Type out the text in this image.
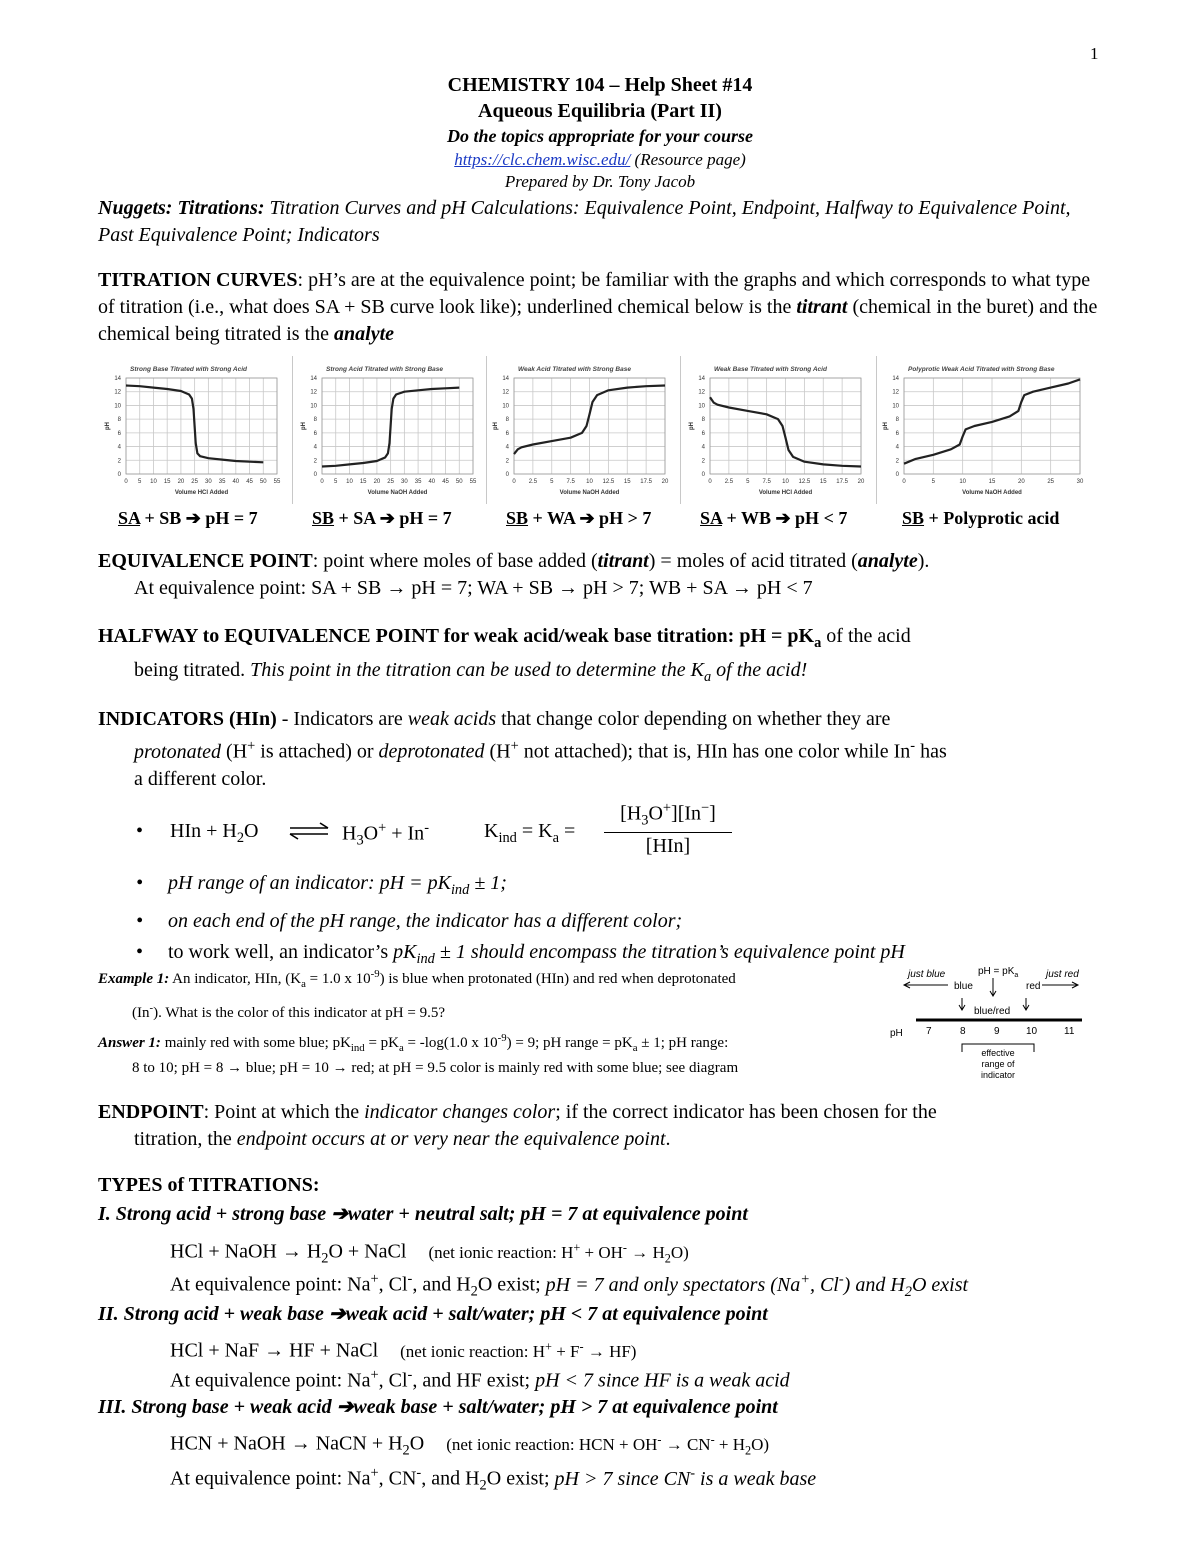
1
CHEMISTRY 104 – Help Sheet #14
Aqueous Equilibria (Part II)
Do the topics appropriate for your course
https://clc.chem.wisc.edu/ (Resource page)
Prepared by Dr. Tony Jacob
Nuggets: Titrations: Titration Curves and pH Calculations: Equivalence Point, Endpoint, Halfway to Equivalence Point, Past Equivalence Point; Indicators
TITRATION CURVES: pH’s are at the equivalence point; be familiar with the graphs and which corresponds to what type of titration (i.e., what does SA + SB curve look like); underlined chemical below is the titrant (chemical in the buret) and the chemical being titrated is the analyte
Strong Base Titrated with Strong Acid
0
2
4
6
8
10
12
14
0 5 10 15 20 25 30 35 40 45 50 55
pH
Volume HCl Added
Strong Acid Titrated with Strong Base
0
2
4
6
8
10
12
14
0 5 10 15 20 25 30 35 40 45 50 55
pH
Volume NaOH Added
Weak Acid Titrated with Strong Base
0
2
4
6
8
10
12
14
0 2.5 5 7.5 10 12.5 15 17.5 20
pH
Volume NaOH Added
Weak Base Titrated with Strong Acid
0
2
4
6
8
10
12
14
0 2.5 5 7.5 10 12.5 15 17.5 20
pH
Volume HCl Added
Polyprotic Weak Acid Titrated with Strong Base
0
2
4
6
8
10
12
14
0	5	10	15	20	25	30
pH
Volume NaOH Added
SA + SB ➔ pH = 7	SB + SA ➔ pH = 7	SB + WA ➔ pH > 7	SA + WB ➔ pH < 7	SB + Polyprotic acid
EQUIVALENCE POINT: point where moles of base added (titrant) = moles of acid titrated (analyte).
At equivalence point: SA + SB → pH = 7; WA + SB → pH > 7; WB + SA → pH < 7
HALFWAY to EQUIVALENCE POINT for weak acid/weak base titration: pH = $pK_a$ of the acid
being titrated. This point in the titration can be used to determine the $K_a$ of the acid!
INDICATORS (HIn) - Indicators are weak acids that change color depending on whether they are
protonated (H+ is attached) or deprotonated (H+ not attached); that is, HIn has one color while In- has
a different color.
• HIn + $H_2O$ ⇌ $H_3O^+ + In^-$	$K_{ind} = K_a$ =
$[H_3O^+][In^-]$
[HIn]
• pH range of an indicator: pH = $pK_{ind} \pm 1$;
• on each end of the pH range, the indicator has a different color;
• to work well, an indicator’s $pK_{ind} \pm 1$ should encompass the titration’s equivalence point pH
Example 1: An indicator, HIn, ($K_a = 1.0$ x $10^{-9}$) is blue when protonated (HIn) and red when deprotonated
(In-). What is the color of this indicator at pH = 9.5?
Answer 1: mainly red with some blue; $pK_{ind} = pK_a = -\log(1.0$ x $10^{-9}) = 9$; pH range = $pK_a \pm 1$; pH range:
8 to 10; pH = 8 → blue; pH = 10 → red; at pH = 9.5 color is mainly red with some blue; see diagram
just blue
blue
pH = $pK_a$
red
just red
blue/red
pH 7	8	9	10	11
effective
range of
indicator
ENDPOINT: Point at which the indicator changes color; if the correct indicator has been chosen for the
titration, the endpoint occurs at or very near the equivalence point.
TYPES of TITRATIONS:
I. Strong acid + strong base ➔water + neutral salt; pH = 7 at equivalence point
HCl + NaOH → $H_2O$ + NaCl (net ionic reaction: $H^+ + OH^- \to H_2O$)
At equivalence point: Na+, Cl-, and $H_2O$ exist; pH = 7 and only spectators (Na+, Cl-) and $H_2O$ exist
II. Strong acid + weak base ➔weak acid + salt/water; pH < 7 at equivalence point
HCl + NaF → HF + NaCl (net ionic reaction: H+ + F- → HF)
At equivalence point: Na+, Cl-, and HF exist; pH < 7 since HF is a weak acid
III. Strong base + weak acid ➔weak base + salt/water; pH > 7 at equivalence point
HCN + NaOH → NaCN + $H_2O$ (net ionic reaction: HCN + $OH^- \to CN^- + H_2O$)
At equivalence point: Na+, CN-, and $H_2O$ exist; pH > 7 since CN- is a weak base
